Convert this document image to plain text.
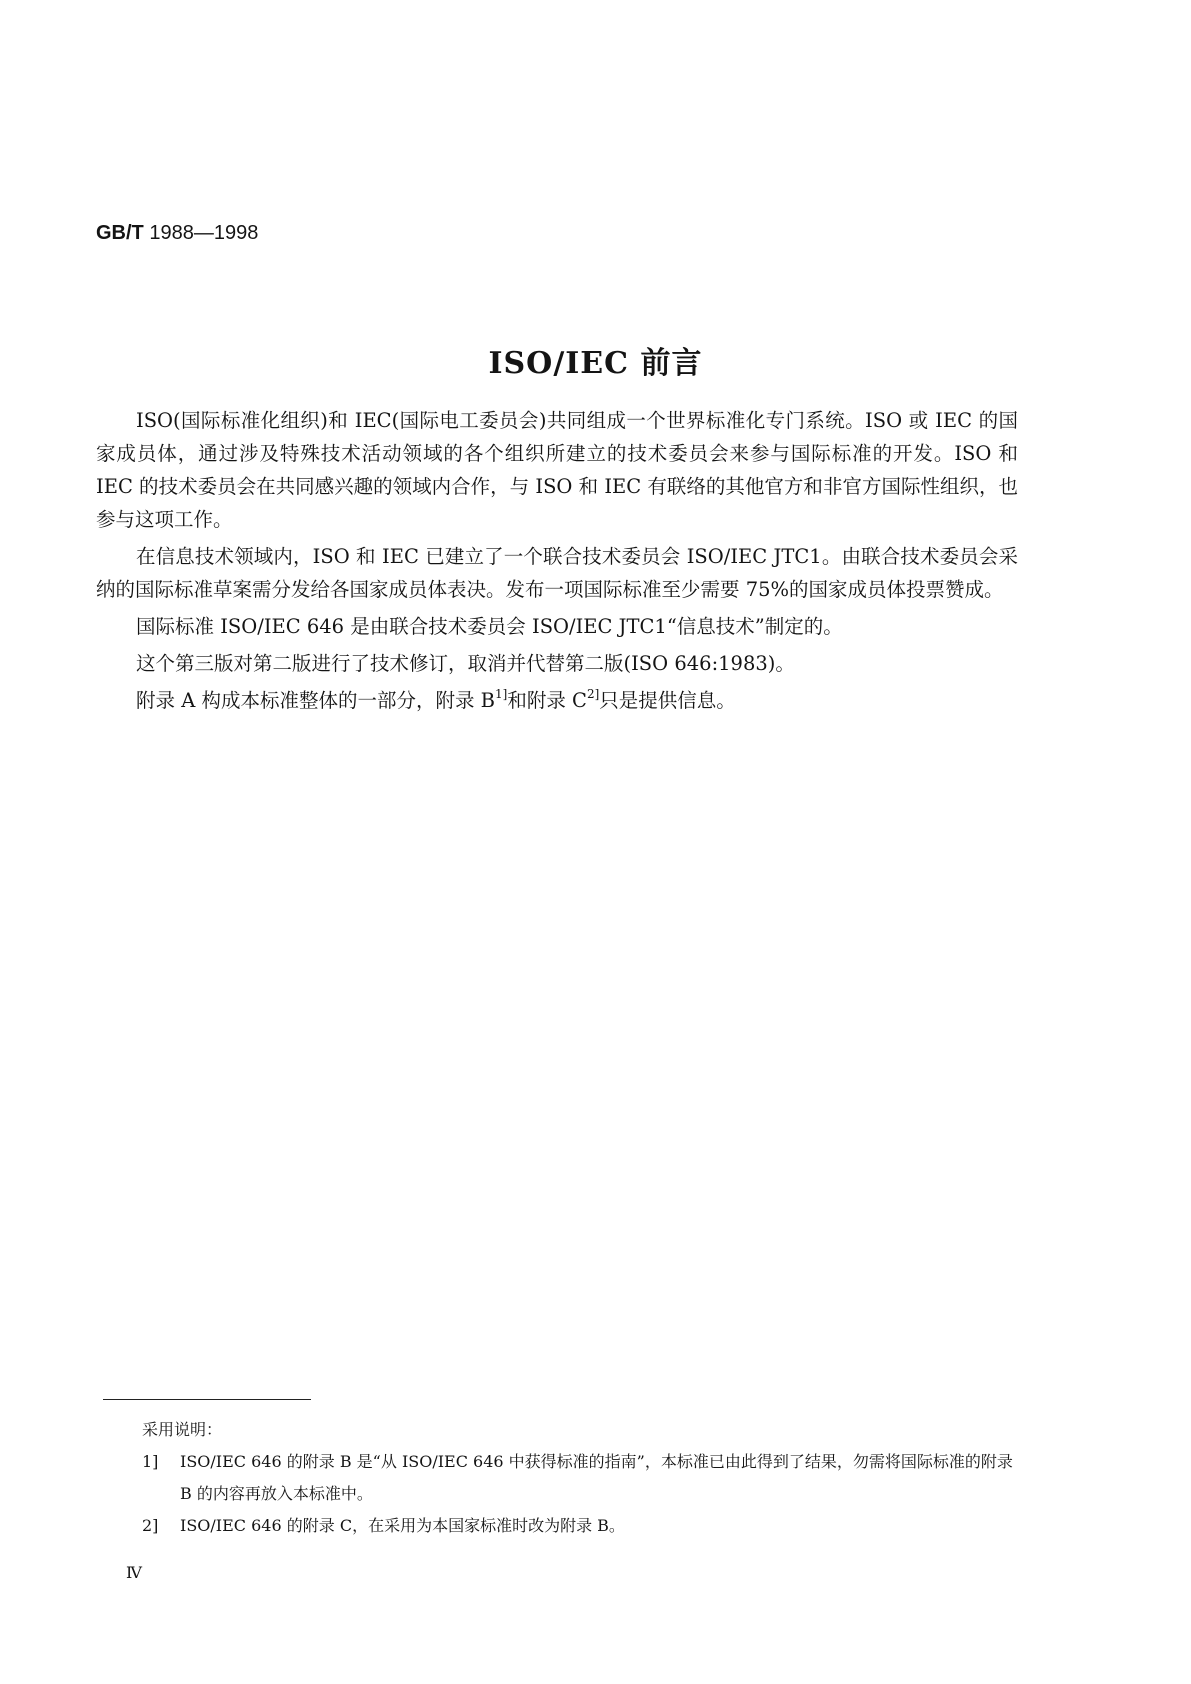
GB/T 1988—1998
ISO/IEC 前言

ISO(国际标准化组织)和 IEC(国际电工委员会)共同组成一个世界标准化专门系统。ISO 或 IEC 的国家成员体，通过涉及特殊技术活动领域的各个组织所建立的技术委员会来参与国际标准的开发。ISO 和 IEC 的技术委员会在共同感兴趣的领域内合作，与 ISO 和 IEC 有联络的其他官方和非官方国际性组织，也参与这项工作。

在信息技术领域内，ISO 和 IEC 已建立了一个联合技术委员会 ISO/IEC JTC1。由联合技术委员会采纳的国际标准草案需分发给各国家成员体表决。发布一项国际标准至少需要 75%的国家成员体投票赞成。

国际标准 ISO/IEC 646 是由联合技术委员会 ISO/IEC JTC1“信息技术”制定的。

这个第三版对第二版进行了技术修订，取消并代替第二版(ISO 646:1983)。

附录 A 构成本标准整体的一部分，附录 $B^{1]}$和附录 $C^{2]}$只是提供信息。

采用说明：

1]	ISO/IEC 646 的附录 B 是“从 ISO/IEC 646 中获得标准的指南”，本标准已由此得到了结果，勿需将国际标准的附录 B 的内容再放入本标准中。
2]	ISO/IEC 646 的附录 C，在采用为本国家标准时改为附录 B。
Ⅳ
